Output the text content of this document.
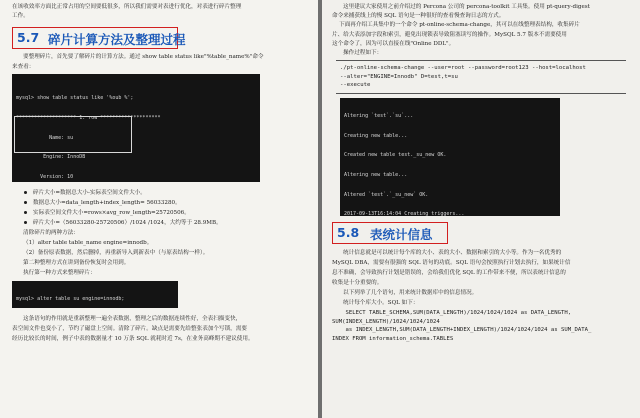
在该收效率方面比正常占用的空间要低很多，所以我们需要对表进行优化，对表进行碎片整理

工作。

5.7 碎片计算方法及整理过程

要整理碎片，首先要了解碎片的计算方法。通过 show table status like"%table_name%"命令

来查看：

mysql> show table status like '%oub %';

******************** 1. row ********************

Name: su

Engine: InnoDB

Version: 10

碎片大小=数据总大小-实际表空间文件大小。
数据总大小=data_length+index_length= 56033280。
实际表空间文件大小=rows×avg_row_length=25720506。
碎片大小=（56033280-25720506）/1024 /1024，大约等于 28.9MB。

清除碎片的两种方法：

（1）alter table table_name engine=innodb。

（2）备份原表数据，然后删掉，再重新导入到新表中（与原表结构一样）。

第二种整理方式在讲到备份恢复时会用到。

执行第一种方式来整理碎片：

mysql> alter table su engine=innodb;

这条语句的作用就是重新整理一遍全表数据，整理之后的数据连续性好，全表扫描变快，

表空间文件也变小了，节约了磁盘上空间。清除了碎片。缺点是需要先给整张表加个写锁，需要

经历比较长的时间，例子中表的数据量才 10 万条 SQL 就耗时近 7s，在业务高峰期不建议使用。

这里建议大家使用之前介绍过的 Percona 公司的 percona-toolkit 工具集。使用 pt-query-digest

命令来捕获线上的慢 SQL 语句是一种很好的查看慢查询日志的方式。

下面再介绍工具集中的一个命令 pt-online-schema-change，其可以在线整理表结构，收集碎片

片、给大表添加字段和索引，避免出现锁表导致阻塞读写的操作。MySQL 5.7 版本不需要使用

这个命令了，因为可以直接在线"Online DDL"。

操作过程如下：

./pt-online-schema-change --user=root --password=root123 --host=localhost
--alter="ENGINE=Innodb" D=test,t=su
--execute

Altering `test`.`su`...

Creating new table...

Created new table test._su_new OK.

Altering new table...

Altered `test`.`_su_new` OK.

2017-09-13T16:14:04 Creating triggers...

5.8 表统计信息

统计信息就是可以统计每个库的大小、表的大小、数据和索引的大小等。作为一名优秀的

MySQL DBA，需要有很强的 SQL 语句的功底。SQL 语句会按照执行计划去执行，如果统计信

息不准确，会导致执行计划是错误的，会给我们优化 SQL 的工作带来不便，所以表统计信息的

收集是十分重要的。

以下列举了几个语句，用来统计数据库中的信息情况。

统计每个库大小。SQL 如下：

SELECT TABLE_SCHEMA,SUM(DATA_LENGTH)/1024/1024/1024 as DATA_LENGTH,
SUM(INDEX_LENGTH)/1024/1024/1024
as INDEX_LENGTH,SUM(DATA_LENGTH+INDEX_LENGTH)/1024/1024/1024 as SUM_DATA_
INDEX FROM information_schema.TABLES
